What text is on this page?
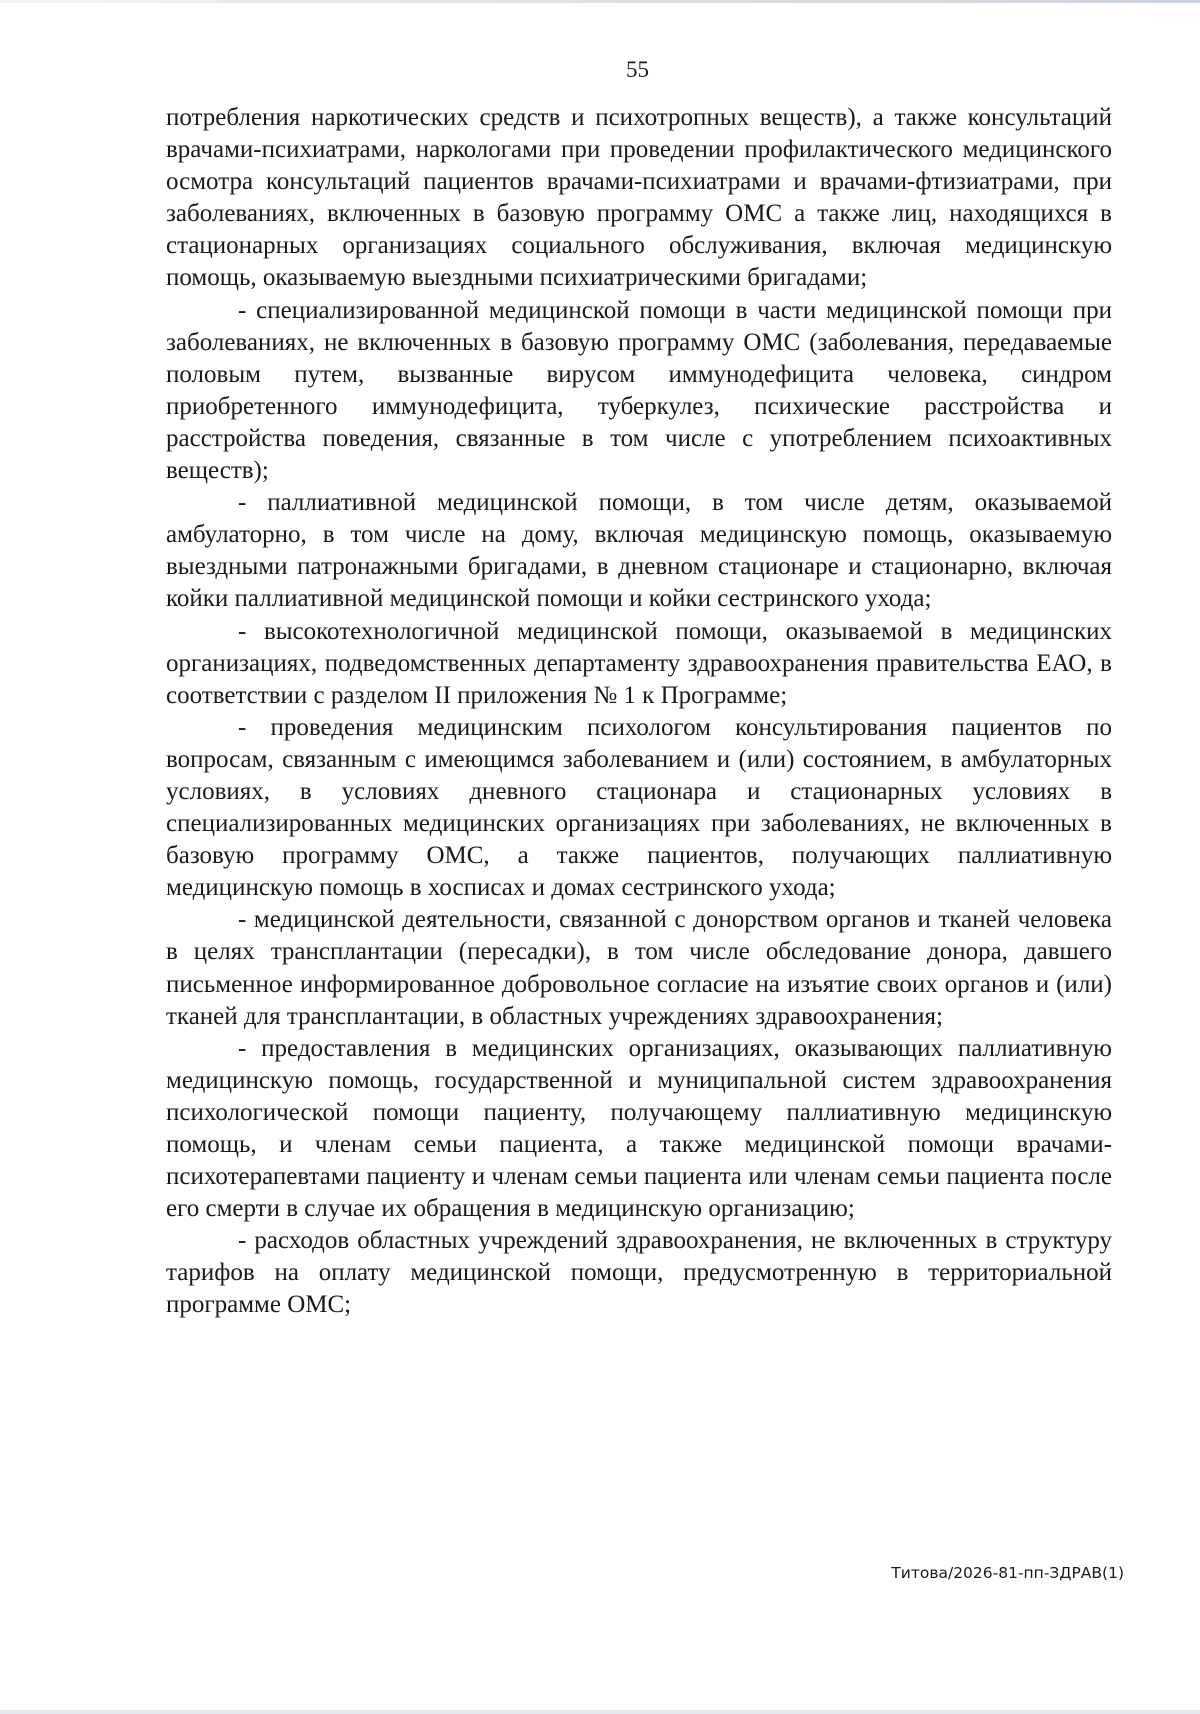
55

потребления наркотических средств и психотропных веществ), а также консультаций врачами-психиатрами, наркологами при проведении профилактического медицинского осмотра консультаций пациентов врачами-психиатрами и врачами-фтизиатрами, при заболеваниях, включенных в базовую программу ОМС а также лиц, находящихся в стационарных организациях социального обслуживания, включая медицинскую помощь, оказываемую выездными психиатрическими бригадами;

- специализированной медицинской помощи в части медицинской помощи при заболеваниях, не включенных в базовую программу ОМС (заболевания, передаваемые половым путем, вызванные вирусом иммунодефицита человека, синдром приобретенного иммунодефицита, туберкулез, психические расстройства и расстройства поведения, связанные в том числе с употреблением психоактивных веществ);

- паллиативной медицинской помощи, в том числе детям, оказываемой амбулаторно, в том числе на дому, включая медицинскую помощь, оказываемую выездными патронажными бригадами, в дневном стационаре и стационарно, включая койки паллиативной медицинской помощи и койки сестринского ухода;

- высокотехнологичной медицинской помощи, оказываемой в медицинских организациях, подведомственных департаменту здравоохранения правительства ЕАО, в соответствии с разделом II приложения № 1 к Программе;

- проведения медицинским психологом консультирования пациентов по вопросам, связанным с имеющимся заболеванием и (или) состоянием, в амбулаторных условиях, в условиях дневного стационара и стационарных условиях в специализированных медицинских организациях при заболеваниях, не включенных в базовую программу ОМС, а также пациентов, получающих паллиативную медицинскую помощь в хосписах и домах сестринского ухода;

- медицинской деятельности, связанной с донорством органов и тканей человека в целях трансплантации (пересадки), в том числе обследование донора, давшего письменное информированное добровольное согласие на изъятие своих органов и (или) тканей для трансплантации, в областных учреждениях здравоохранения;

- предоставления в медицинских организациях, оказывающих паллиативную медицинскую помощь, государственной и муниципальной систем здравоохранения психологической помощи пациенту, получающему паллиативную медицинскую помощь, и членам семьи пациента, а также медицинской помощи врачами-психотерапевтами пациенту и членам семьи пациента или членам семьи пациента после его смерти в случае их обращения в медицинскую организацию;

- расходов областных учреждений здравоохранения, не включенных в структуру тарифов на оплату медицинской помощи, предусмотренную в территориальной программе ОМС;

Титова/2026-81-пп-ЗДРАВ(1)
